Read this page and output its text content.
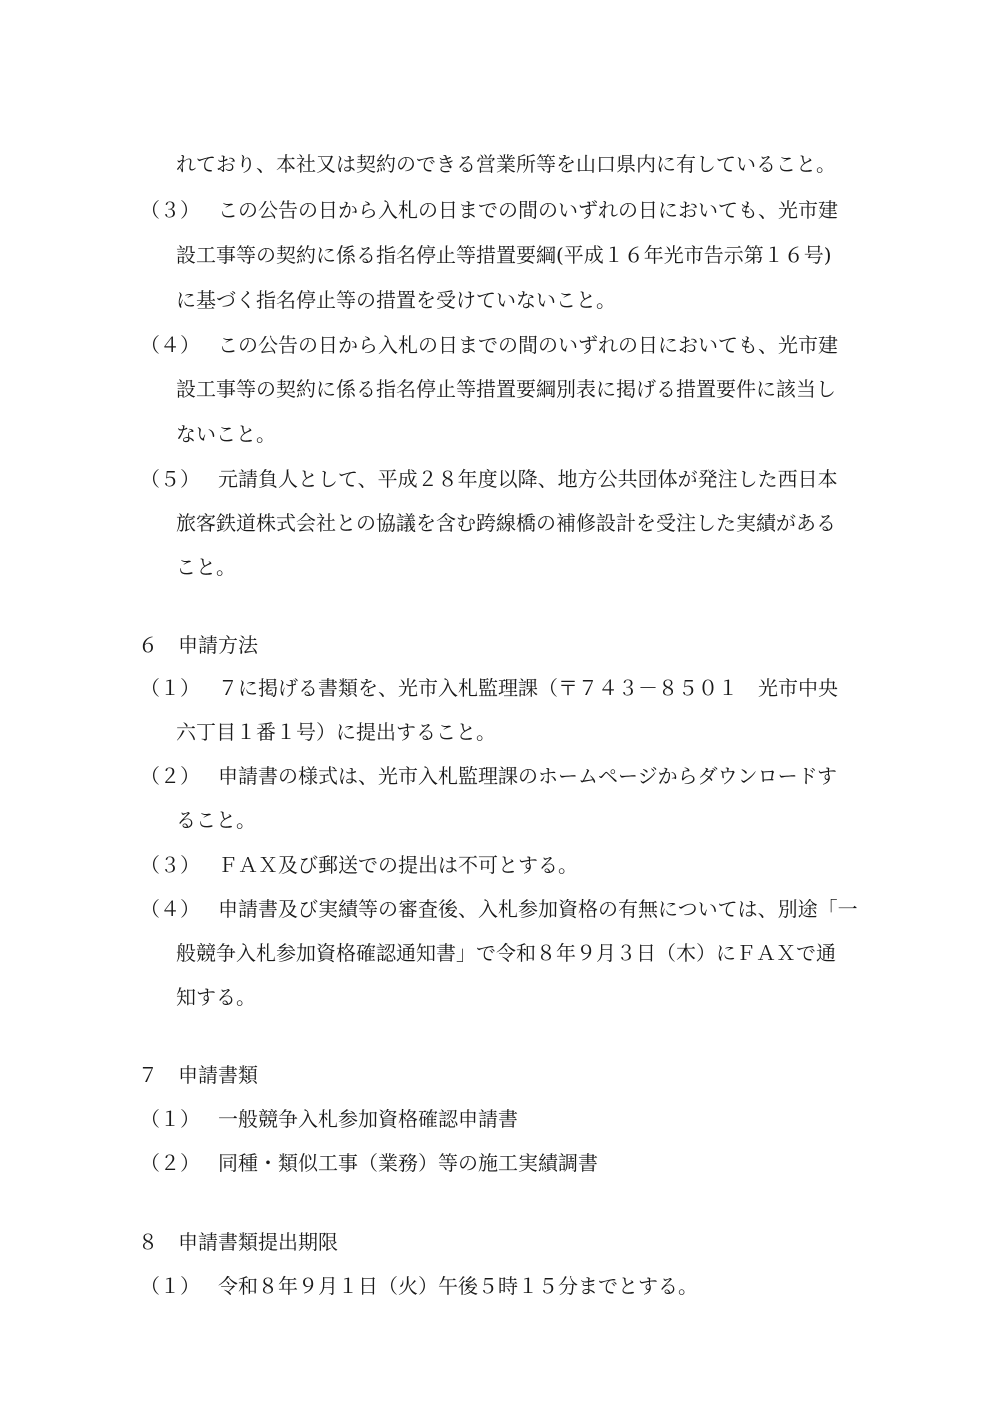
れており、本社又は契約のできる営業所等を山口県内に有していること。
（３） この公告の日から入札の日までの間のいずれの日においても、光市建
設工事等の契約に係る指名停止等措置要綱(平成１６年光市告示第１６号)
に基づく指名停止等の措置を受けていないこと。
（４） この公告の日から入札の日までの間のいずれの日においても、光市建
設工事等の契約に係る指名停止等措置要綱別表に掲げる措置要件に該当し
ないこと。
（５） 元請負人として、平成２８年度以降、地方公共団体が発注した西日本
旅客鉄道株式会社との協議を含む跨線橋の補修設計を受注した実績がある
こと。
６　申請方法
（１） ７に掲げる書類を、光市入札監理課（〒７４３－８５０１　光市中央
六丁目１番１号）に提出すること。
（２） 申請書の様式は、光市入札監理課のホームページからダウンロードす
ること。
（３） ＦＡＸ及び郵送での提出は不可とする。
（４） 申請書及び実績等の審査後、入札参加資格の有無については、別途「一
般競争入札参加資格確認通知書」で令和８年９月３日（木）にＦＡＸで通
知する。
７　申請書類
（１） 一般競争入札参加資格確認申請書
（２） 同種・類似工事（業務）等の施工実績調書
８　申請書類提出期限
（１） 令和８年９月１日（火）午後５時１５分までとする。
